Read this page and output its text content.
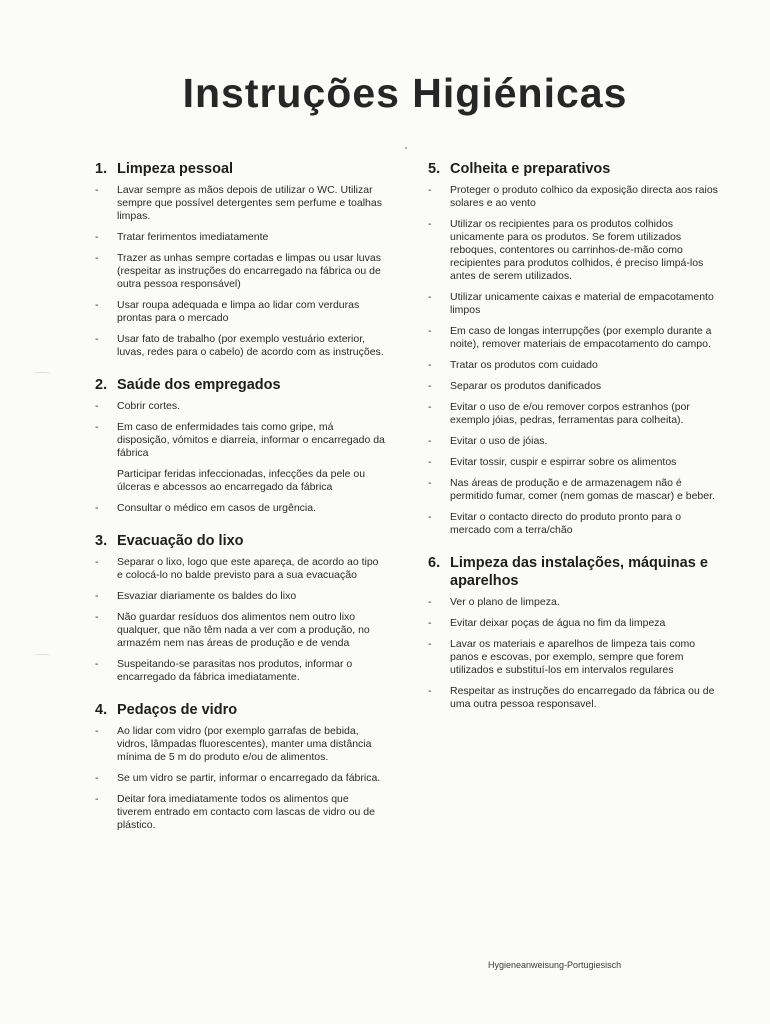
Instruções Higiénicas
1. Limpeza pessoal
-	Lavar sempre as mãos depois de utilizar o WC. Utilizar sempre que possível detergentes sem perfume e toalhas limpas.
-	Tratar ferimentos imediatamente
-	Trazer as unhas sempre cortadas e limpas ou usar luvas (respeitar as instruções do encarregado na fábrica ou de outra pessoa responsável)
-	Usar roupa adequada e limpa ao lidar com verduras prontas para o mercado
-	Usar fato de trabalho (por exemplo vestuário exterior, luvas, redes para o cabelo) de acordo com as instruções.
2. Saúde dos empregados
-	Cobrir cortes.
-	Em caso de enfermidades tais como gripe, má disposição, vómitos e diarreia, informar o encarregado da fábrica
Participar feridas infeccionadas, infecções da pele ou úlceras e abcessos ao encarregado da fábrica
-	Consultar o médico em casos de urgência.
3. Evacuação do lixo
-	Separar o lixo, logo que este apareça, de acordo ao tipo e colocá-lo no balde previsto para a sua evacuação
-	Esvaziar diariamente os baldes do lixo
-	Não guardar resíduos dos alimentos nem outro lixo qualquer, que não têm nada a ver com a produção, no armazém nem nas áreas de produção e de venda
-	Suspeitando-se parasitas nos produtos, informar o encarregado da fábrica imediatamente.
4. Pedaços de vidro
-	Ao lidar com vidro (por exemplo garrafas de bebida, vidros, lâmpadas fluorescentes), manter uma distância mínima de 5 m do produto e/ou de alimentos.
-	Se um vidro se partir, informar o encarregado da fábrica.
-	Deitar fora imediatamente todos os alimentos que tiverem entrado em contacto com lascas de vidro ou de plástico.
5. Colheita e preparativos
-	Proteger o produto colhico da exposição directa aos raios solares e ao vento
-	Utilizar os recipientes para os produtos colhidos unicamente para os produtos. Se forem utilizados reboques, contentores ou carrinhos-de-mão como recipientes para produtos colhidos, é preciso limpá-los antes de serem utilizados.
-	Utilizar unicamente caixas e material de empacotamento limpos
-	Em caso de longas interrupções (por exemplo durante a noite), remover materiais de empacotamento do campo.
-	Tratar os produtos com cuidado
-	Separar os produtos danificados
-	Evitar o uso de e/ou remover corpos estranhos (por exemplo jóias, pedras, ferramentas para colheita).
-	Evitar o uso de jóias.
-	Evitar tossir, cuspir e espirrar sobre os alimentos
-	Nas áreas de produção e de armazenagem não é permitido fumar, comer (nem gomas de mascar) e beber.
-	Evitar o contacto directo do produto pronto para o mercado com a terra/chão
6. Limpeza das instalações, máquinas e aparelhos
-	Ver o plano de limpeza.
-	Evitar deixar poças de água no fim da limpeza
-	Lavar os materiais e aparelhos de limpeza tais como panos e escovas, por exemplo, sempre que forem utilizados e substituí-los em intervalos regulares
-	Respeitar as instruções do encarregado da fábrica ou de uma outra pessoa responsavel.
Hygieneanweisung-Portugiesisch
